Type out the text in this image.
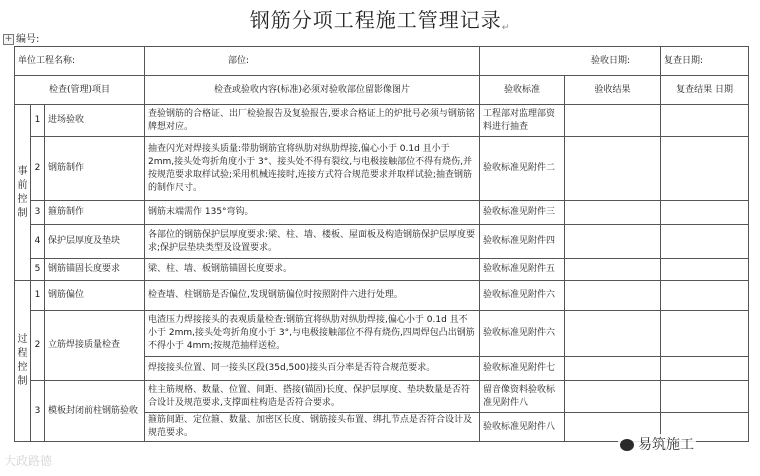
钢筋分项工程施工管理记录↵
+ 编号:
单位工程名称:			部位:	验收日期:		复查日期:
检查(管理)项目			检查或验收内容(标准)必须对验收部位留影像图片	验收标准	验收结果	复查结果 日期
事
前
控
制	1	进场验收	查验钢筋的合格证、出厂检验报告及复验报告,要求合格证上的炉批号必须与钢筋铭牌想对应。	工程部对监理部资料进行抽查		
	2	钢筋制作	抽查闪光对焊接头质量:带肋钢筋宜将纵肋对纵肋焊接,偏心小于 0.1d 且小于 2mm,接头处弯折角度小于 3°、接头处不得有裂纹,与电极接触部位不得有烧伤,并按规范要求取样试验;采用机械连接时,连接方式符合规范要求并取样试验;抽查钢筋的制作尺寸。	验收标准见附件二		
	3	箍筋制作	钢筋末端需作 135°弯钩。	验收标准见附件三		
	4	保护层厚度及垫块	各部位的钢筋保护层厚度要求:梁、柱、墙、楼板、屋面板及构造钢筋保护层厚度要求;保护层垫块类型及设置要求。	验收标准见附件四		
	5	钢筋锚固长度要求	梁、柱、墙、板钢筋锚固长度要求。	验收标准见附件五		
过
程
控
制	1	钢筋偏位	检查墙、柱钢筋是否偏位,发现钢筋偏位时按照附件六进行处理。	验收标准见附件六		
	2	立筋焊接质量检查	电渣压力焊接接头的表观质量检查:钢筋宜将纵肋对纵肋焊接,偏心小于 0.1d 且不小于 2mm,接头处弯折角度小于 3°,与电极接触部位不得有烧伤,四周焊包凸出钢筋不得小于 4mm;按规范抽样送检。	验收标准见附件六		
			焊接接头位置、同一接头区段(35d,500)接头百分率是否符合规范要求。	验收标准见附件七		
	3	模板封闭前柱钢筋验收	柱主筋规格、数量、位置、间距、搭接(锚固)长度、保护层厚度、垫块数量是否符合设计及规范要求,支撑面柱构造是否符合要求。	留音像资料验收标准见附件八		
			箍筋间距、定位箍、数量、加密区长度、钢筋接头布置、绑扎节点是否符合设计及规范要求。	验收标准见附件八		
大政路德
易筑施工
